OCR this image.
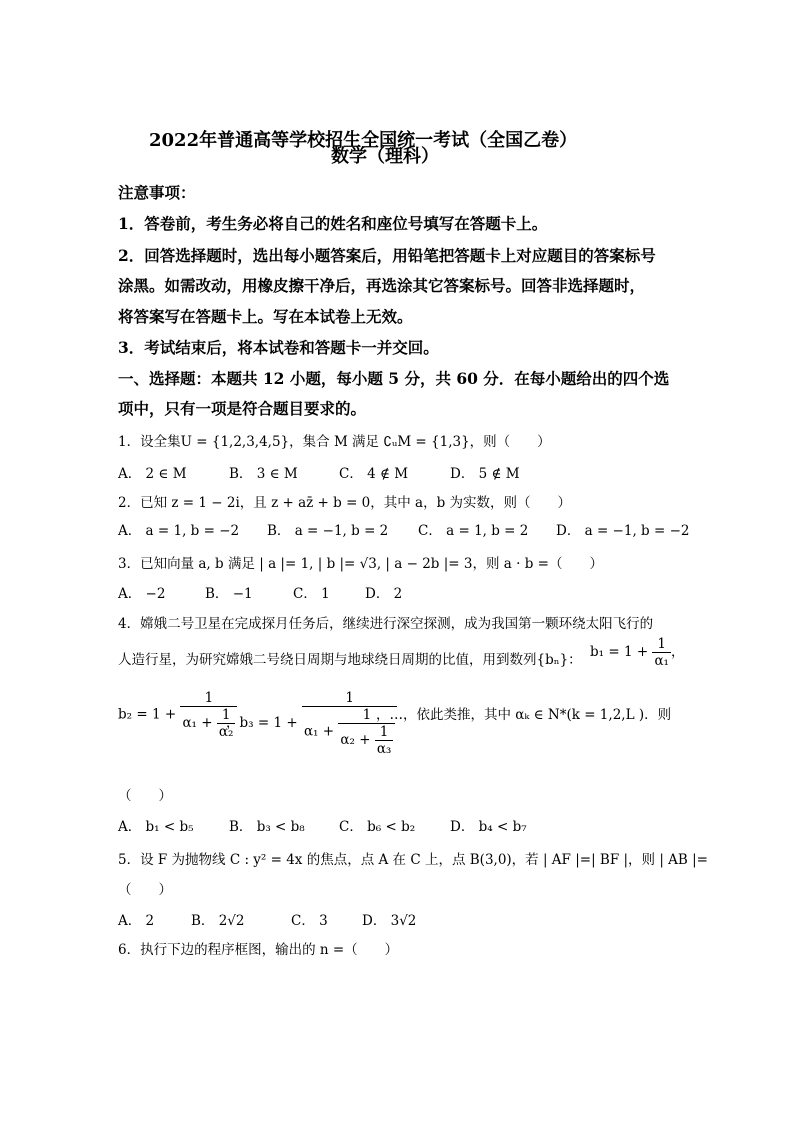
2022年普通高等学校招生全国统一考试（全国乙卷）
数学（理科）
注意事项：
1．答卷前，考生务必将自己的姓名和座位号填写在答题卡上。
2．回答选择题时，选出每小题答案后，用铅笔把答题卡上对应题目的答案标号
涂黑。如需改动，用橡皮擦干净后，再选涂其它答案标号。回答非选择题时，
将答案写在答题卡上。写在本试卷上无效。
3．考试结束后，将本试卷和答题卡一并交回。
一、选择题：本题共 12 小题，每小题 5 分，共 60 分．在每小题给出的四个选
项中，只有一项是符合题目要求的。
1．设全集U = {1,2,3,4,5}，集合 M 满足 ∁ᵤM = {1,3}，则（　　）
A． 2 ∈ M	B． 3 ∈ M	C． 4 ∉ M	D． 5 ∉ M
2．已知 z = 1 − 2i，且 z + az̄ + b = 0，其中 a，b 为实数，则（　　）
A． a = 1, b = −2 B． a = −1, b = 2 C． a = 1, b = 2 D． a = −1, b = −2
3．已知向量 a, b 满足 | a |= 1, | b |= √3, | a − 2b |= 3，则 a · b =（　　）
A． −2	B． −1	C． 1	D． 2
4．嫦娥二号卫星在完成探月任务后，继续进行深空探测，成为我国第一颗环绕太阳飞行的
人造行星，为研究嫦娥二号绕日周期与地球绕日周期的比值，用到数列{bₙ}： $b_1 = 1 + \frac{1}{\text{α₁}}$ ，
$b_2 = 1 + \frac{1}{\alpha_1 + \frac{1}{\text{α₂}}}$
，b₃ = 1 +
1
$\alpha_1 + \frac{1}{\alpha_2 + \frac{1}{\text{α₃}}}$
，…，依此类推，其中 αₖ ∈ N*(k = 1,2,L )．则
（　　）
A． b₁ < b₅	B． b₃ < b₈	C． b₆ < b₂	D． b₄ < b₇
5．设 F 为抛物线 C : y² = 4x 的焦点，点 A 在 C 上，点 B(3,0)，若 | AF |=| BF |，则 | AB |=
（　　）
A． 2	B． 2√2	C． 3	D． 3√2
6．执行下边的程序框图，输出的 n =（　　）
